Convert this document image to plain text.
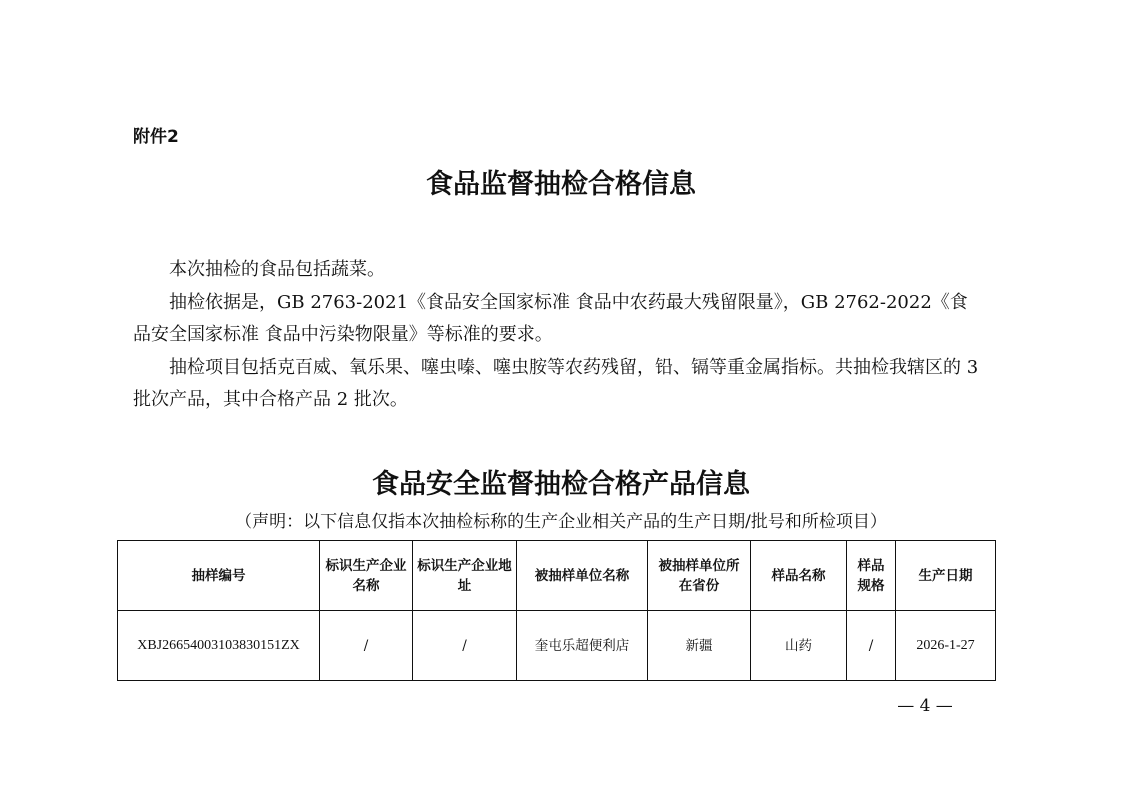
附件2
食品监督抽检合格信息

本次抽检的食品包括蔬菜。

抽检依据是，GB 2763-2021《食品安全国家标准 食品中农药最大残留限量》，GB 2762-2022《食品安全国家标准 食品中污染物限量》等标准的要求。

抽检项目包括克百威、氧乐果、噻虫嗪、噻虫胺等农药残留，铅、镉等重金属指标。共抽检我辖区的 3 批次产品，其中合格产品 2 批次。

食品安全监督抽检合格产品信息
（声明：以下信息仅指本次抽检标称的生产企业相关产品的生产日期/批号和所检项目）
抽样编号	标识生产企业名称	标识生产企业地址	被抽样单位名称	被抽样单位所在省份	样品名称	样品规格	生产日期
XBJ26654003103830151ZX	/	/	奎屯乐超便利店	新疆	山药	/	2026-1-27
— 4 —
